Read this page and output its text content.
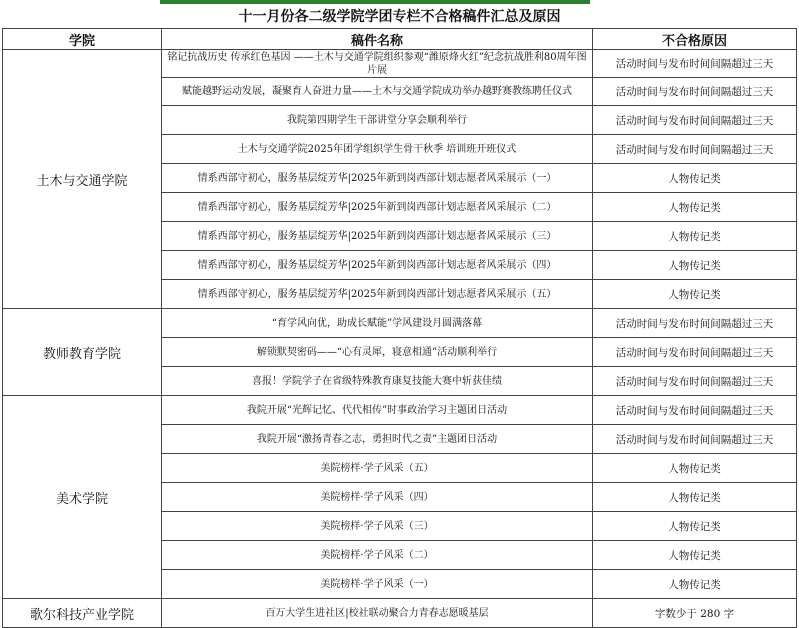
十一月份各二级学院学团专栏不合格稿件汇总及原因		
学院	稿件名称	不合格原因
土木与交通学院	铭记抗战历史 传承红色基因 ——土木与交通学院组织参观“潍原烽火红”纪念抗战胜利80周年图片展	活动时间与发布时间间隔超过三天
	赋能越野运动发展，凝聚育人奋进力量——土木与交通学院成功举办越野赛教练聘任仪式	活动时间与发布时间间隔超过三天
	我院第四期学生干部讲堂分享会顺利举行	活动时间与发布时间间隔超过三天
	土木与交通学院2025年团学组织学生骨干秋季 培训班开班仪式	活动时间与发布时间间隔超过三天
	情系西部守初心，服务基层绽芳华|2025年新到岗西部计划志愿者风采展示（一）	人物传记类
	情系西部守初心，服务基层绽芳华|2025年新到岗西部计划志愿者风采展示（二）	人物传记类
	情系西部守初心，服务基层绽芳华|2025年新到岗西部计划志愿者风采展示（三）	人物传记类
	情系西部守初心，服务基层绽芳华|2025年新到岗西部计划志愿者风采展示（四）	人物传记类
	情系西部守初心，服务基层绽芳华|2025年新到岗西部计划志愿者风采展示（五）	人物传记类
教师教育学院	“育学风向优，助成长赋能”学风建设月圆满落幕	活动时间与发布时间间隔超过三天
	解锁默契密码——“心有灵犀，寝意相通”活动顺利举行	活动时间与发布时间间隔超过三天
	喜报！学院学子在省级特殊教育康复技能大赛中斩获佳绩	活动时间与发布时间间隔超过三天
美术学院	我院开展“光辉记忆、代代相传”时事政治学习主题团日活动	活动时间与发布时间间隔超过三天
	我院开展“激扬青春之志，勇担时代之责”主题团日活动	活动时间与发布时间间隔超过三天
	美院榜样·学子风采（五）	人物传记类
	美院榜样·学子风采（四）	人物传记类
	美院榜样·学子风采（三）	人物传记类
	美院榜样·学子风采（二）	人物传记类
	美院榜样·学子风采（一）	人物传记类
歌尔科技产业学院	百万大学生进社区|校社联动聚合力青春志愿暖基层	字数少于 280 字
